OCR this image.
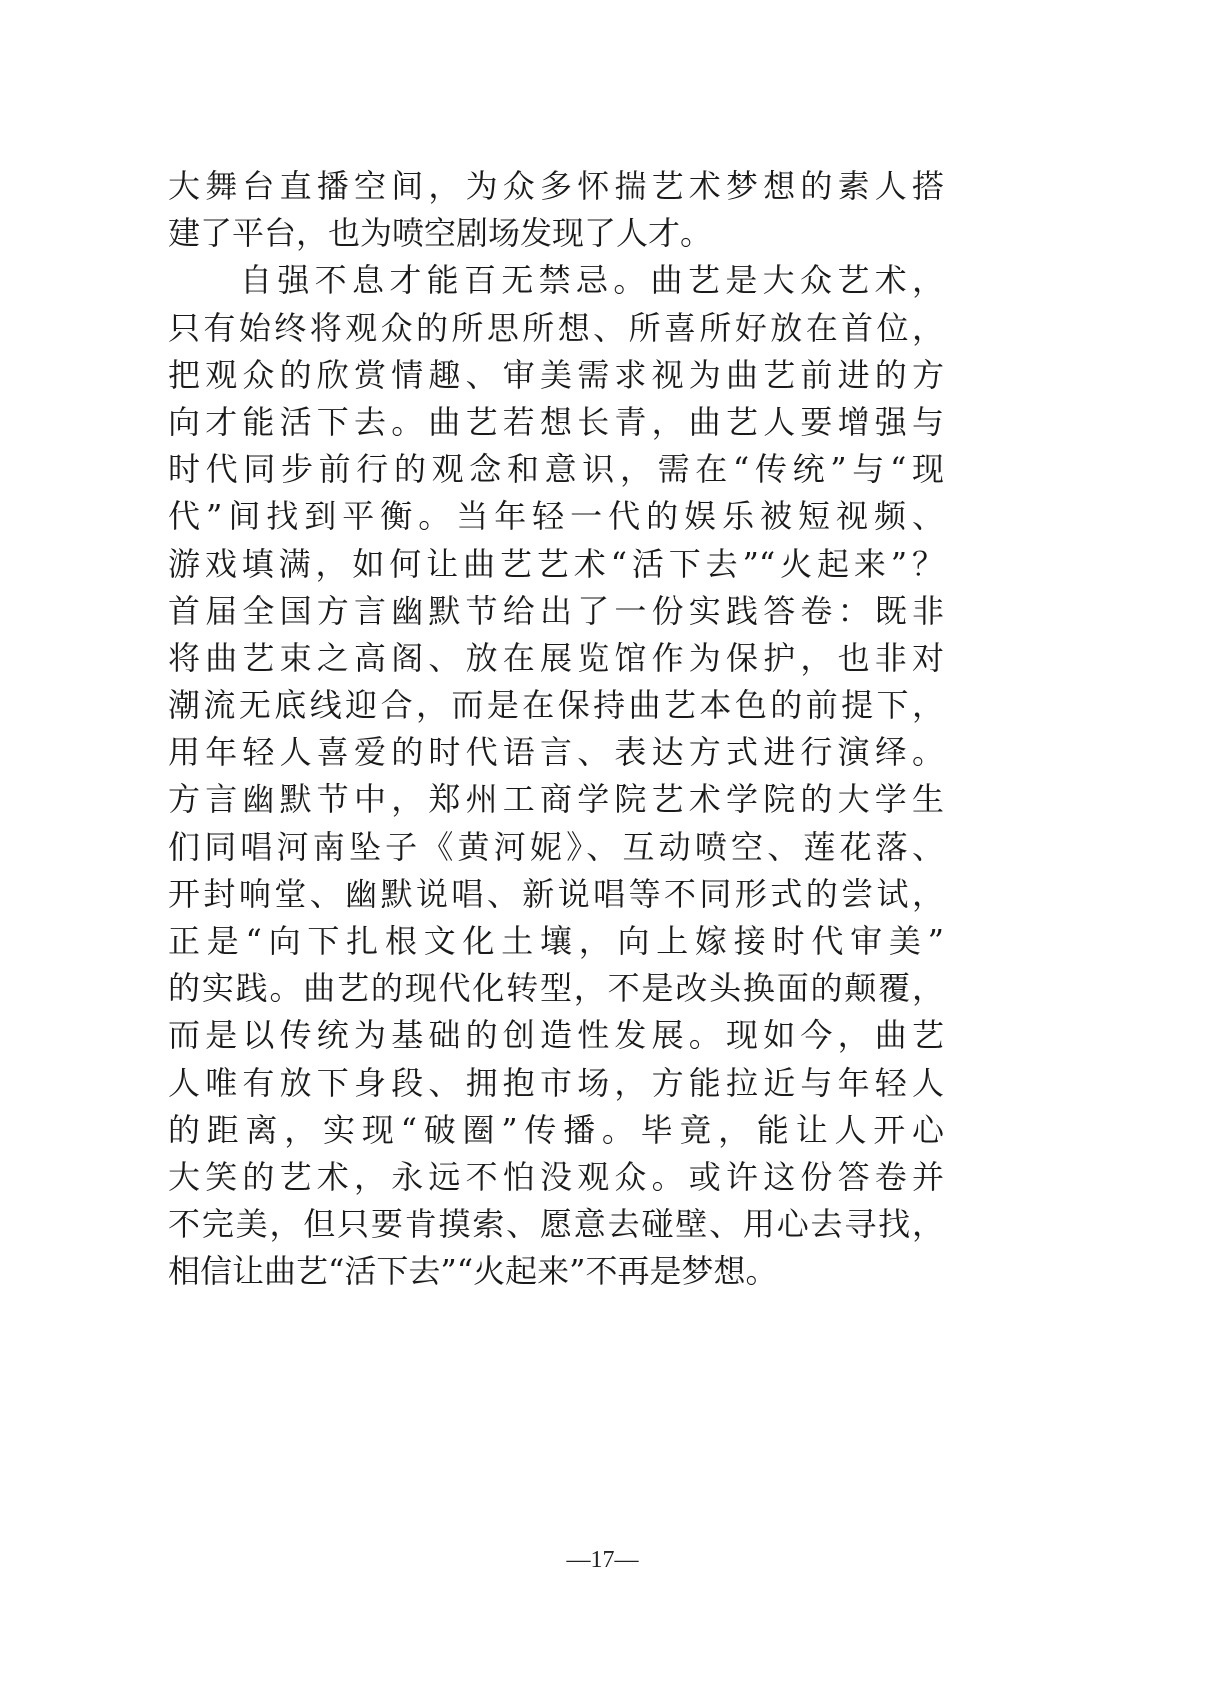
大舞台直播空间，为众多怀揣艺术梦想的素人搭
建了平台，也为喷空剧场发现了人才。
自强不息才能百无禁忌。曲艺是大众艺术，
只有始终将观众的所思所想、所喜所好放在首位，
把观众的欣赏情趣、审美需求视为曲艺前进的方
向才能活下去。曲艺若想长青，曲艺人要增强与
时代同步前行的观念和意识，需在“传统”与“现
代”间找到平衡。当年轻一代的娱乐被短视频、
游戏填满，如何让曲艺艺术“活下去”“火起来”？
首届全国方言幽默节给出了一份实践答卷：既非
将曲艺束之高阁、放在展览馆作为保护，也非对
潮流无底线迎合，而是在保持曲艺本色的前提下，
用年轻人喜爱的时代语言、表达方式进行演绎。
方言幽默节中，郑州工商学院艺术学院的大学生
们同唱河南坠子《黄河妮》、互动喷空、莲花落、
开封响堂、幽默说唱、新说唱等不同形式的尝试，
正是“向下扎根文化土壤，向上嫁接时代审美”
的实践。曲艺的现代化转型，不是改头换面的颠覆，
而是以传统为基础的创造性发展。现如今，曲艺
人唯有放下身段、拥抱市场，方能拉近与年轻人
的距离，实现“破圈”传播。毕竟，能让人开心
大笑的艺术，永远不怕没观众。或许这份答卷并
不完美，但只要肯摸索、愿意去碰壁、用心去寻找，
相信让曲艺“活下去”“火起来”不再是梦想。
—17—
